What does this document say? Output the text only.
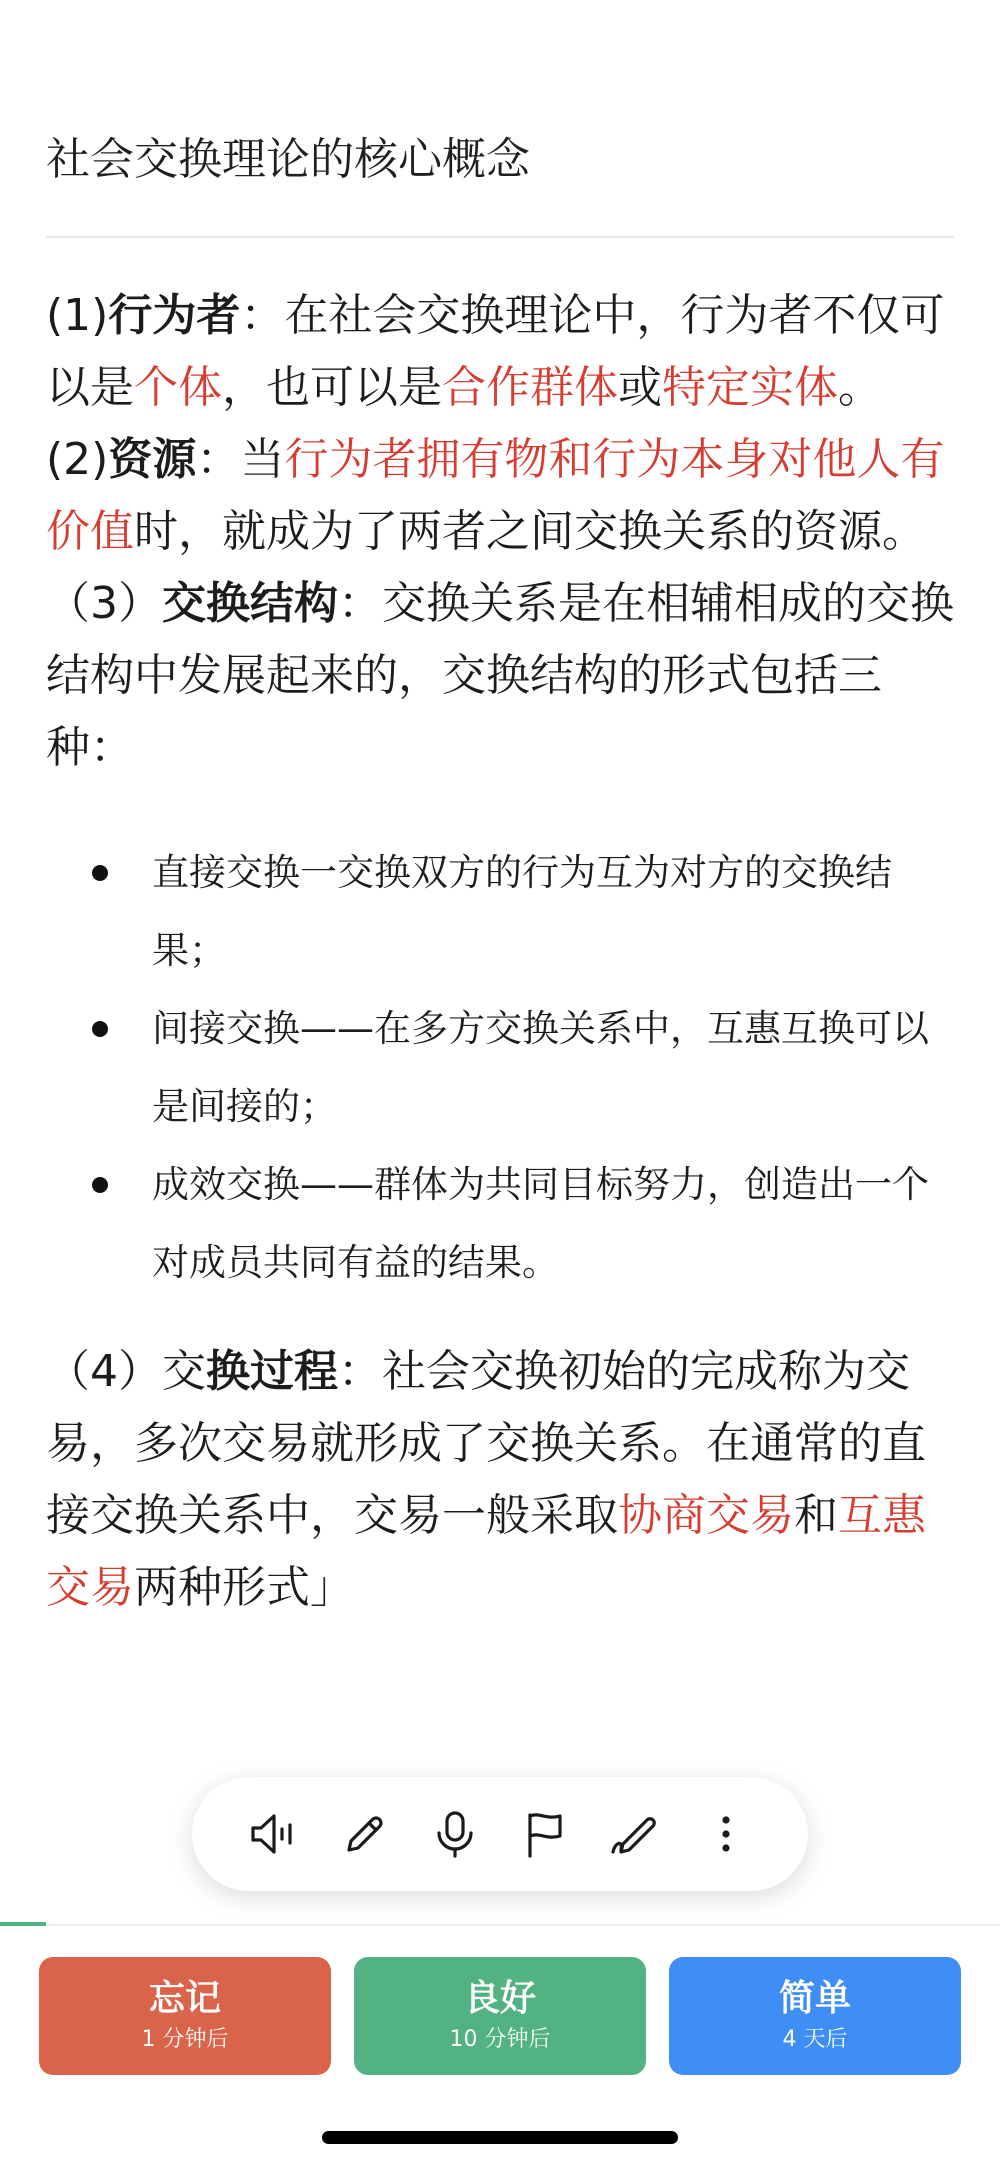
社会交换理论的核心概念

(1)行为者：在社会交换理论中，行为者不仅可以是个体，也可以是合作群体或特定实体。

(2)资源：当行为者拥有物和行为本身对他人有价值时，就成为了两者之间交换关系的资源。

（3）交换结构：交换关系是在相辅相成的交换结构中发展起来的，交换结构的形式包括三种：

直接交换一交换双方的行为互为对方的交换结果；
间接交换——在多方交换关系中，互惠互换可以是间接的；
成效交换——群体为共同目标努力，创造出一个对成员共同有益的结果。

（4）交换过程：社会交换初始的完成称为交易，多次交易就形成了交换关系。在通常的直接交换关系中，交易一般采取协商交易和互惠交易两种形式」

忘记
1 分钟后
良好
10 分钟后
简单
4 天后
